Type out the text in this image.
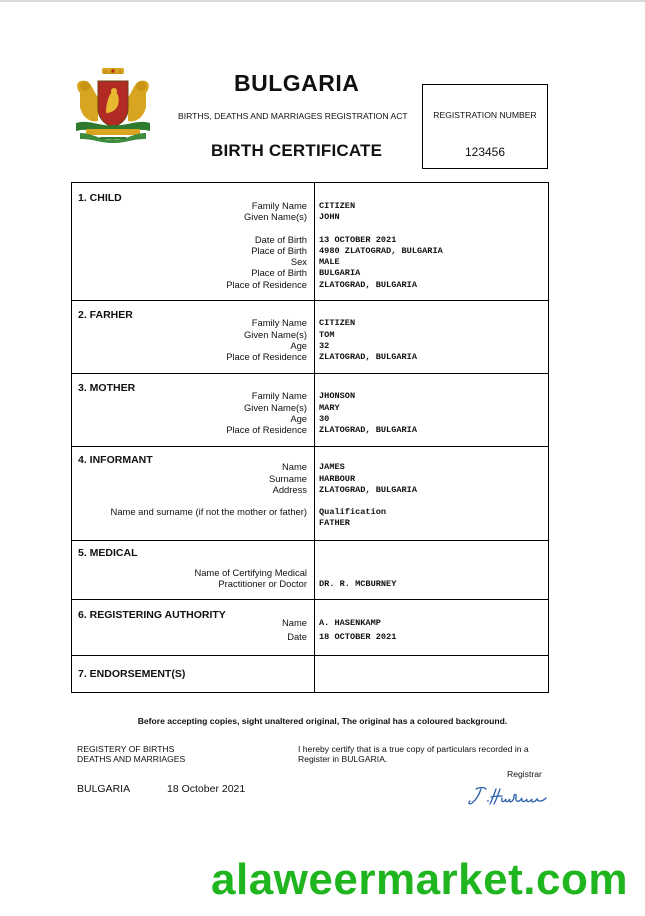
BULGARIA
BIRTHS, DEATHS AND MARRIAGES REGISTRATION ACT
BIRTH CERTIFICATE
REGISTRATION NUMBER
123456
1. CHILD
Family Name
Given Name(s)
Date of Birth
Place of Birth
Sex
Place of Birth
Place of Residence
CITIZEN
JOHN
13 OCTOBER 2021
4980 ZLATOGRAD, BULGARIA
MALE
BULGARIA
ZLATOGRAD, BULGARIA
2. FARHER
Family Name
Given Name(s)
Age
Place of Residence
CITIZEN
TOM
32
ZLATOGRAD, BULGARIA
3. MOTHER
Family Name
Given Name(s)
Age
Place of Residence
JHONSON
MARY
30
ZLATOGRAD, BULGARIA
4. INFORMANT
Name
Surname
Address
Name and surname (if not the mother or father)
JAMES
HARBOUR
ZLATOGRAD, BULGARIA
Qualification
FATHER
5. MEDICAL
Name of Certifying Medical
Practitioner or Doctor DR. R. MCBURNEY
6. REGISTERING AUTHORITY
Name
Date
A. HASENKAMP
18 OCTOBER 2021
7. ENDORSEMENT(S)
Before accepting copies, sight unaltered original, The original has a coloured background.
REGISTERY OF BIRTHS
DEATHS AND MARRIAGES
I hereby certify that is a true copy of particulars recorded in a
Register in BULGARIA.
Registrar
BULGARIA	18 October 2021
alaweermarket.com
